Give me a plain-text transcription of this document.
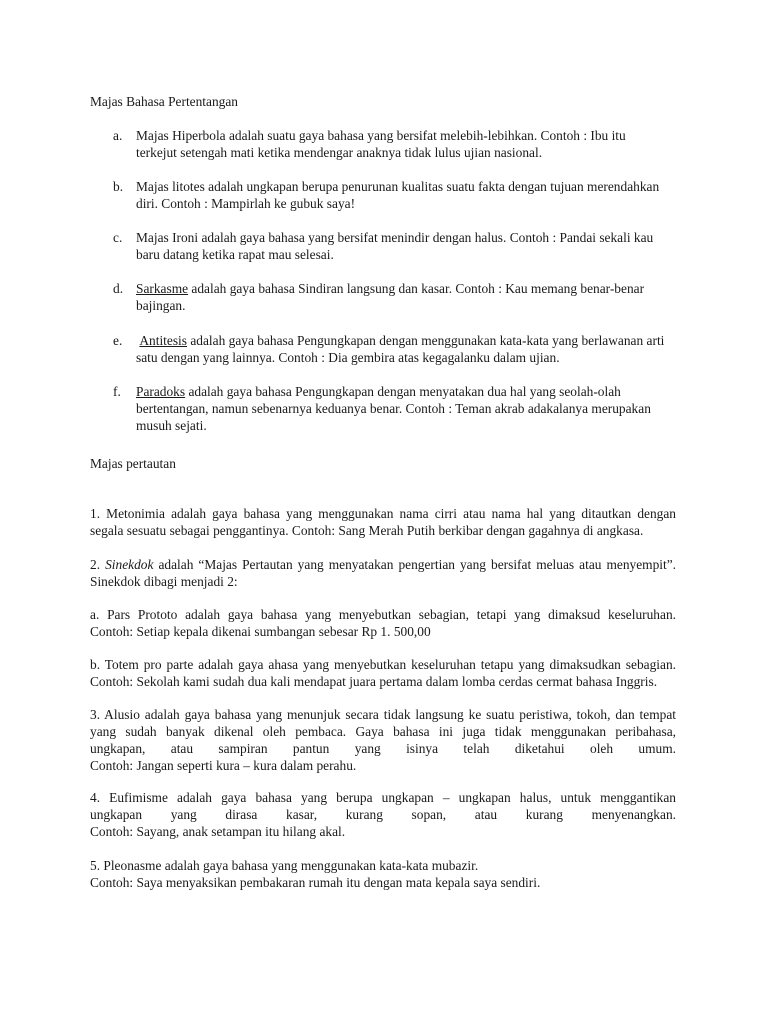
Majas Bahasa Pertentangan

a.	Majas Hiperbola adalah suatu gaya bahasa yang bersifat melebih-lebihkan. Contoh : Ibu itu terkejut setengah mati ketika mendengar anaknya tidak lulus ujian nasional.
b. Majas litotes adalah ungkapan berupa penurunan kualitas suatu fakta dengan tujuan merendahkan diri. Contoh : Mampirlah ke gubuk saya!
c.	Majas Ironi adalah gaya bahasa yang bersifat menindir dengan halus. Contoh : Pandai sekali kau baru datang ketika rapat mau selesai.
d. Sarkasme adalah gaya bahasa Sindiran langsung dan kasar. Contoh : Kau memang benar-benar bajingan.
e.	Antitesis adalah gaya bahasa Pengungkapan dengan menggunakan kata-kata yang berlawanan arti satu dengan yang lainnya. Contoh : Dia gembira atas kegagalanku dalam ujian.
f.	Paradoks adalah gaya bahasa Pengungkapan dengan menyatakan dua hal yang seolah-olah bertentangan, namun sebenarnya keduanya benar. Contoh : Teman akrab adakalanya merupakan musuh sejati.

Majas pertautan

1. Metonimia adalah gaya bahasa yang menggunakan nama cirri atau nama hal yang ditautkan dengan
segala sesuatu sebagai penggantinya. Contoh: Sang Merah Putih berkibar dengan gagahnya di angkasa.
2. Sinekdok adalah “Majas Pertautan yang menyatakan pengertian yang bersifat meluas atau menyempit”.
Sinekdok dibagi menjadi 2:
a. Pars Prototo adalah gaya bahasa yang menyebutkan sebagian, tetapi yang dimaksud keseluruhan.
Contoh: Setiap kepala dikenai sumbangan sebesar Rp 1. 500,00
b. Totem pro parte adalah gaya ahasa yang menyebutkan keseluruhan tetapu yang dimaksudkan sebagian.
Contoh: Sekolah kami sudah dua kali mendapat juara pertama dalam lomba cerdas cermat bahasa Inggris.
3. Alusio adalah gaya bahasa yang menunjuk secara tidak langsung ke suatu peristiwa, tokoh, dan tempat
yang sudah banyak dikenal oleh pembaca. Gaya bahasa ini juga tidak menggunakan peribahasa,
ungkapan, atau sampiran pantun yang isinya telah diketahui oleh umum.
Contoh: Jangan seperti kura – kura dalam perahu.
4. Eufimisme adalah gaya bahasa yang berupa ungkapan – ungkapan halus, untuk menggantikan
ungkapan yang dirasa kasar, kurang sopan, atau kurang menyenangkan.
Contoh: Sayang, anak setampan itu hilang akal.
5. Pleonasme adalah gaya bahasa yang menggunakan kata-kata mubazir.
Contoh: Saya menyaksikan pembakaran rumah itu dengan mata kepala saya sendiri.
